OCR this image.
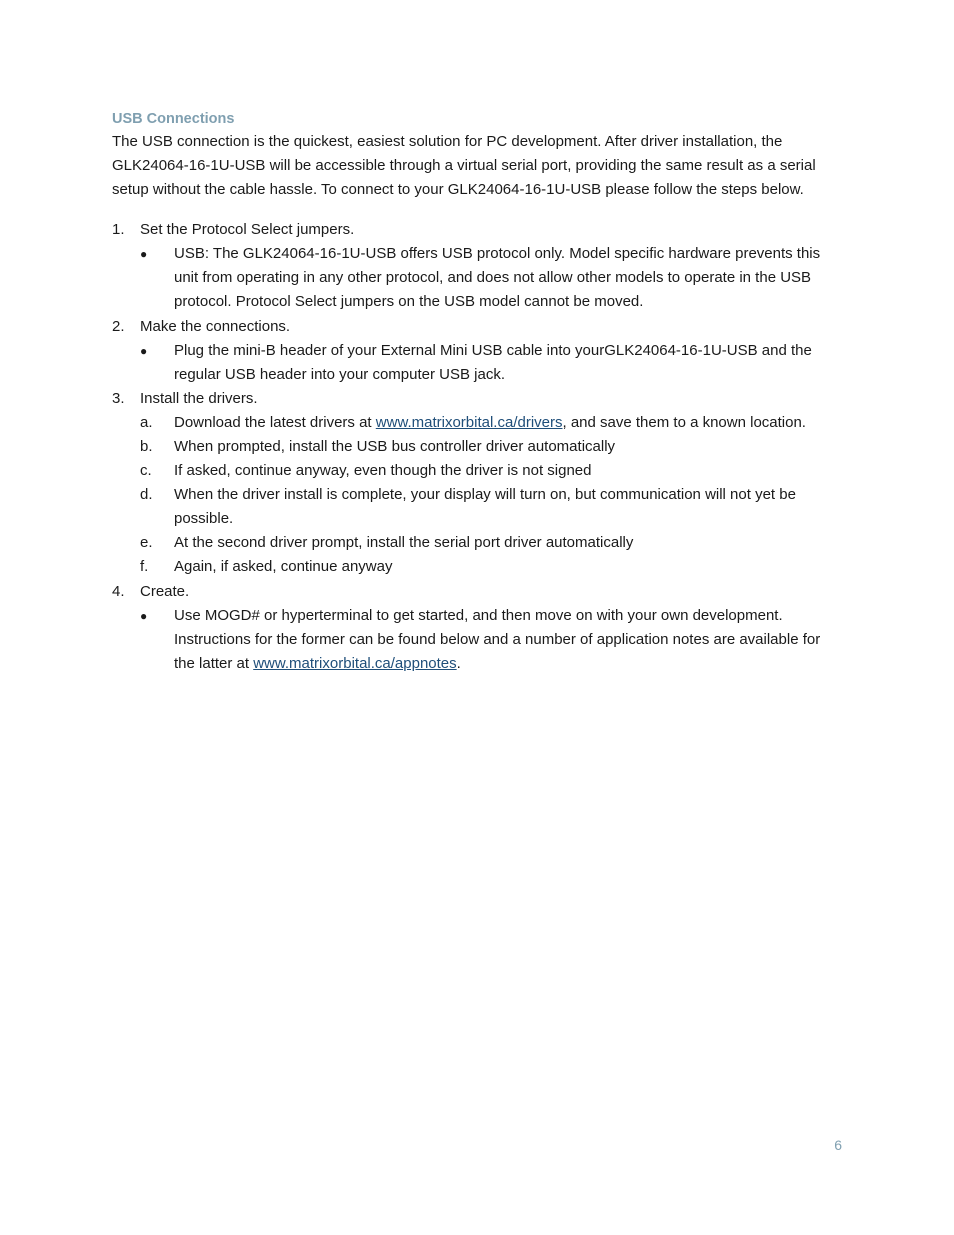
USB Connections

The USB connection is the quickest, easiest solution for PC development. After driver installation, the GLK24064-16-1U-USB will be accessible through a virtual serial port, providing the same result as a serial setup without the cable hassle. To connect to your GLK24064-16-1U-USB please follow the steps below.

1. Set the Protocol Select jumpers.
● USB: The GLK24064-16-1U-USB offers USB protocol only. Model specific hardware prevents this unit from operating in any other protocol, and does not allow other models to operate in the USB protocol. Protocol Select jumpers on the USB model cannot be moved.
2. Make the connections.
● Plug the mini-B header of your External Mini USB cable into yourGLK24064-16-1U-USB and the regular USB header into your computer USB jack.
3. Install the drivers.
a. Download the latest drivers at www.matrixorbital.ca/drivers, and save them to a known location.
b. When prompted, install the USB bus controller driver automatically
c. If asked, continue anyway, even though the driver is not signed
d. When the driver install is complete, your display will turn on, but communication will not yet be possible.
e. At the second driver prompt, install the serial port driver automatically
f. Again, if asked, continue anyway
4. Create.
● Use MOGD# or hyperterminal to get started, and then move on with your own development. Instructions for the former can be found below and a number of application notes are available for the latter at www.matrixorbital.ca/appnotes.
6
